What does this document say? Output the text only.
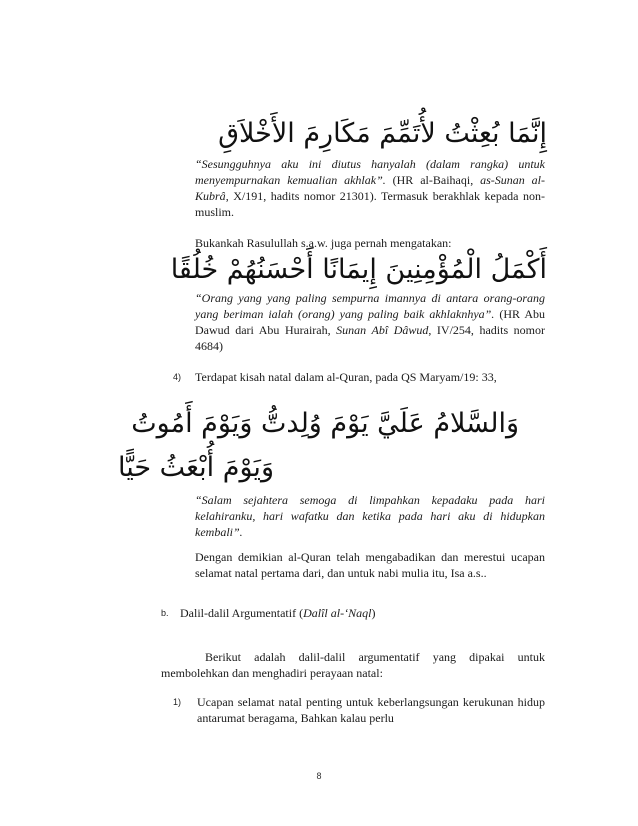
إِنَّمَا بُعِثْتُ لأُتَمِّمَ مَكَارِمَ الأَخْلاَقِ

“Sesungguhnya aku ini diutus hanyalah (dalam rangka) untuk menyempurnakan kemualian akhlak”. (HR al-Baihaqi, as-Sunan al-Kubrâ, X/191, hadits nomor 21301). Termasuk berakhlak kepada non-muslim.

Bukankah Rasulullah s.a.w. juga pernah mengatakan:

أَكْمَلُ الْمُؤْمِنِينَ إِيمَانًا أَحْسَنُهُمْ خُلُقًا

“Orang yang yang paling sempurna imannya di antara orang-orang yang beriman ialah (orang) yang paling baik akhlaknhya”. (HR Abu Dawud dari Abu Hurairah, Sunan Abî Dâwud, IV/254, hadits nomor 4684)

4) Terdapat kisah natal dalam al-Quran, pada QS Maryam/19: 33,

وَالسَّلامُ عَلَيَّ يَوْمَ وُلِدتُّ وَيَوْمَ أَمُوتُ
وَيَوْمَ أُبْعَثُ حَيًّا

“Salam sejahtera semoga di limpahkan kepadaku pada hari kelahiranku, hari wafatku dan ketika pada hari aku di hidupkan kembali”.

Dengan demikian al-Quran telah mengabadikan dan merestui ucapan selamat natal pertama dari, dan untuk nabi mulia itu, Isa a.s..

b. Dalil-dalil Argumentatif (Dalîl al-‘Naql)

Berikut adalah dalil-dalil argumentatif yang dipakai untuk membolehkan dan menghadiri perayaan natal:

1) Ucapan selamat natal penting untuk keberlangsungan kerukunan hidup antarumat beragama, Bahkan kalau perlu

8
